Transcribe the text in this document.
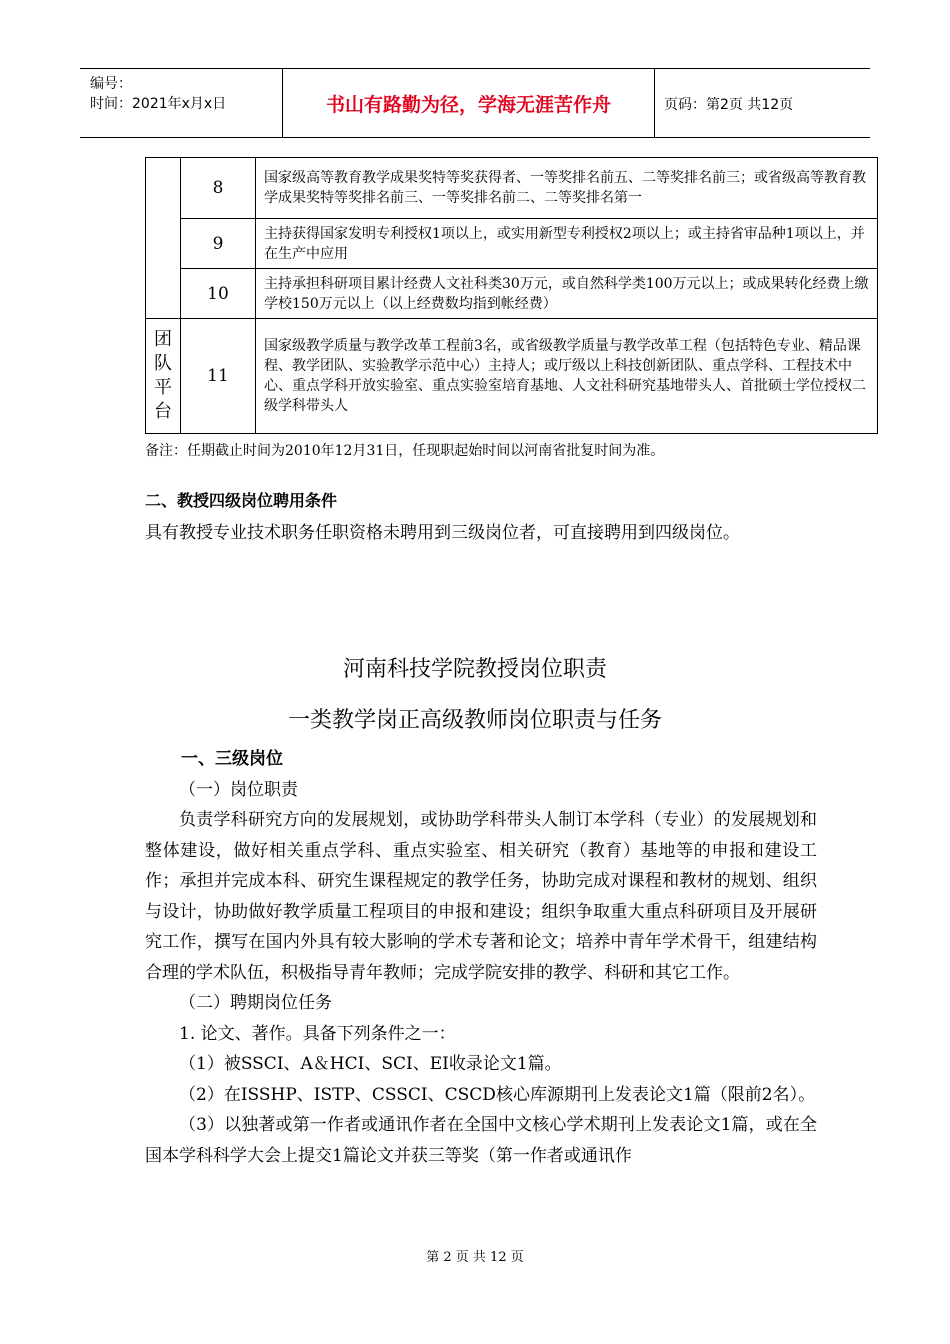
编号：
时间：2021年x月x日	书山有路勤为径，学海无涯苦作舟	页码：第2页 共12页
	8	国家级高等教育教学成果奖特等奖获得者、一等奖排名前五、二等奖排名前三；或省级高等教育教学成果奖特等奖排名前三、一等奖排名前二、二等奖排名第一
	9	主持获得国家发明专利授权1项以上，或实用新型专利授权2项以上；或主持省审品种1项以上，并在生产中应用
	10	主持承担科研项目累计经费人文社科类30万元，或自然科学类100万元以上；或成果转化经费上缴学校150万元以上（以上经费数均指到帐经费）
团
队
平
台	11	国家级教学质量与教学改革工程前3名，或省级教学质量与教学改革工程（包括特色专业、精品课程、教学团队、实验教学示范中心）主持人；或厅级以上科技创新团队、重点学科、工程技术中心、重点学科开放实验室、重点实验室培育基地、人文社科研究基地带头人、首批硕士学位授权二级学科带头人
备注：任期截止时间为2010年12月31日，任现职起始时间以河南省批复时间为准。
二、教授四级岗位聘用条件
具有教授专业技术职务任职资格未聘用到三级岗位者，可直接聘用到四级岗位。
河南科技学院教授岗位职责
一类教学岗正高级教师岗位职责与任务

一、三级岗位

（一）岗位职责

负责学科研究方向的发展规划，或协助学科带头人制订本学科（专业）的发展规划和整体建设，做好相关重点学科、重点实验室、相关研究（教育）基地等的申报和建设工作；承担并完成本科、研究生课程规定的教学任务，协助完成对课程和教材的规划、组织与设计，协助做好教学质量工程项目的申报和建设；组织争取重大重点科研项目及开展研究工作，撰写在国内外具有较大影响的学术专著和论文；培养中青年学术骨干，组建结构合理的学术队伍，积极指导青年教师；完成学院安排的教学、科研和其它工作。

（二）聘期岗位任务

1. 论文、著作。具备下列条件之一：

（1）被SSCI、A＆HCI、SCI、EI收录论文1篇。

（2）在ISSHP、ISTP、CSSCI、CSCD核心库源期刊上发表论文1篇（限前2名）。

（3）以独著或第一作者或通讯作者在全国中文核心学术期刊上发表论文1篇，或在全国本学科科学大会上提交1篇论文并获三等奖（第一作者或通讯作

第 2 页 共 12 页
